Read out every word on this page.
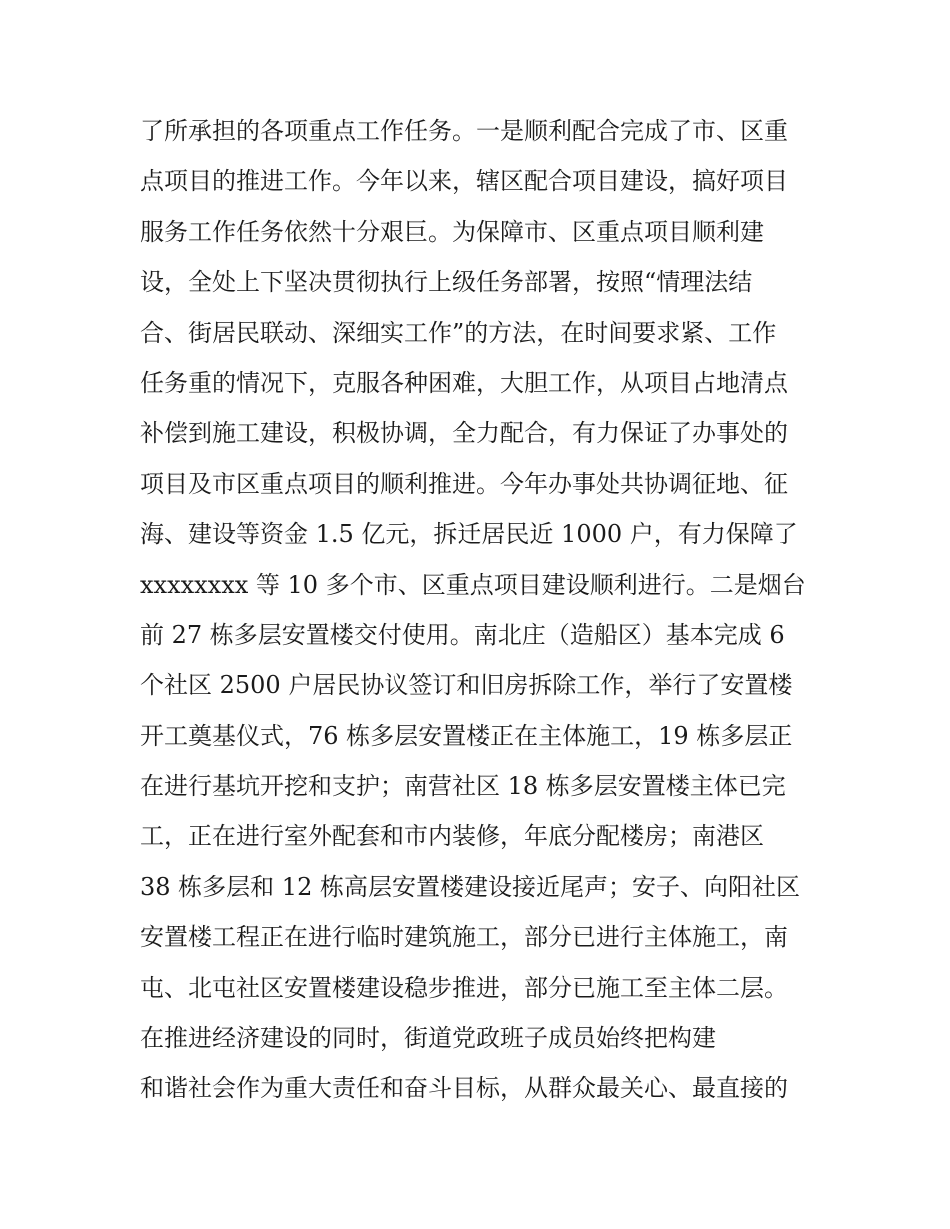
了所承担的各项重点工作任务。一是顺利配合完成了市、区重
点项目的推进工作。今年以来，辖区配合项目建设，搞好项目
服务工作任务依然十分艰巨。为保障市、区重点项目顺利建
设，全处上下坚决贯彻执行上级任务部署，按照“情理法结
合、街居民联动、深细实工作”的方法，在时间要求紧、工作
任务重的情况下，克服各种困难，大胆工作，从项目占地清点
补偿到施工建设，积极协调，全力配合，有力保证了办事处的
项目及市区重点项目的顺利推进。今年办事处共协调征地、征
海、建设等资金 1.5 亿元，拆迁居民近 1000 户，有力保障了
xxxxxxxx 等 10 多个市、区重点项目建设顺利进行。二是烟台
前 27 栋多层安置楼交付使用。南北庄（造船区）基本完成 6
个社区 2500 户居民协议签订和旧房拆除工作，举行了安置楼
开工奠基仪式，76 栋多层安置楼正在主体施工，19 栋多层正
在进行基坑开挖和支护；南营社区 18 栋多层安置楼主体已完
工，正在进行室外配套和市内装修，年底分配楼房；南港区
38 栋多层和 12 栋高层安置楼建设接近尾声；安子、向阳社区
安置楼工程正在进行临时建筑施工，部分已进行主体施工，南
屯、北屯社区安置楼建设稳步推进，部分已施工至主体二层。
在推进经济建设的同时，街道党政班子成员始终把构建
和谐社会作为重大责任和奋斗目标，从群众最关心、最直接的
